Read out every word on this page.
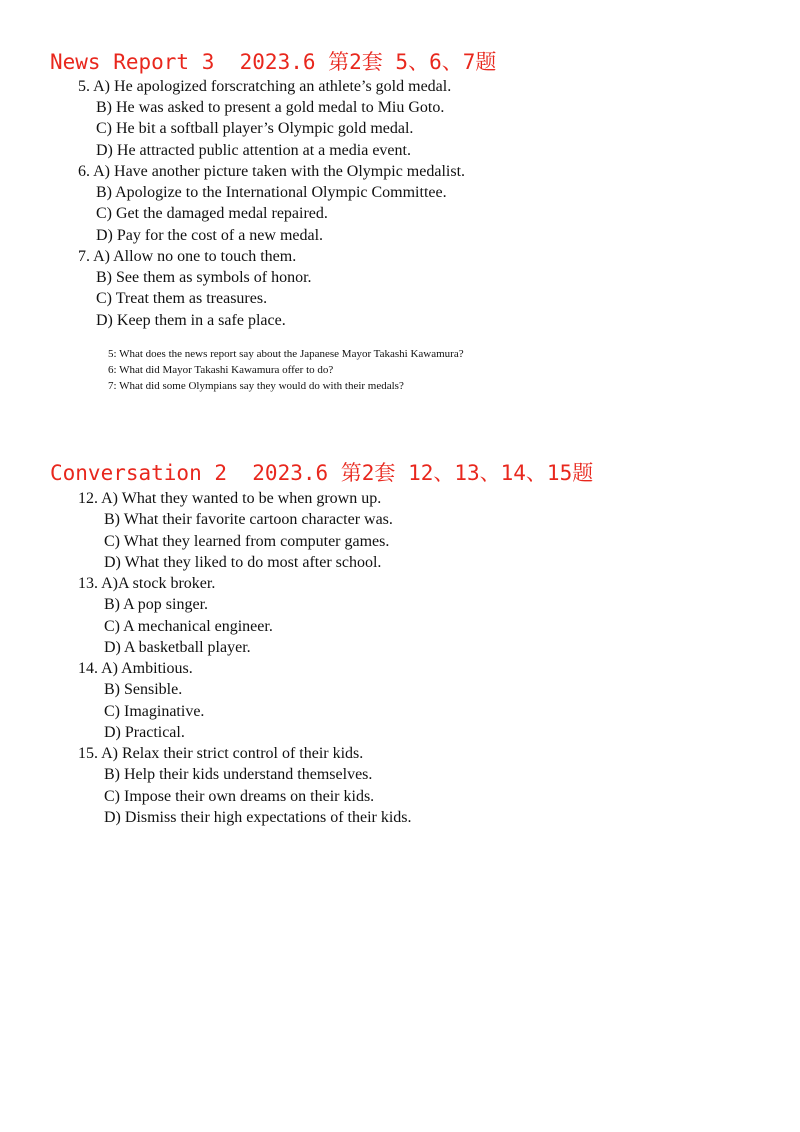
News Report 3  2023.6 第2套 5、6、7题
5. A) He apologized forscratching an athlete’s gold medal.
B) He was asked to present a gold medal to Miu Goto.
C) He bit a softball player’s Olympic gold medal.
D) He attracted public attention at a media event.
6. A) Have another picture taken with the Olympic medalist.
B) Apologize to the International Olympic Committee.
C) Get the damaged medal repaired.
D) Pay for the cost of a new medal.
7. A) Allow no one to touch them.
B) See them as symbols of honor.
C) Treat them as treasures.
D) Keep them in a safe place.
5: What does the news report say about the Japanese Mayor Takashi Kawamura?
6: What did Mayor Takashi Kawamura offer to do?
7: What did some Olympians say they would do with their medals?
Conversation 2  2023.6 第2套 12、13、14、15题
12. A) What they wanted to be when grown up.
B) What their favorite cartoon character was.
C) What they learned from computer games.
D) What they liked to do most after school.
13. A)A stock broker.
B) A pop singer.
C) A mechanical engineer.
D) A basketball player.
14. A) Ambitious.
B) Sensible.
C) Imaginative.
D) Practical.
15. A) Relax their strict control of their kids.
B) Help their kids understand themselves.
C) Impose their own dreams on their kids.
D) Dismiss their high expectations of their kids.
